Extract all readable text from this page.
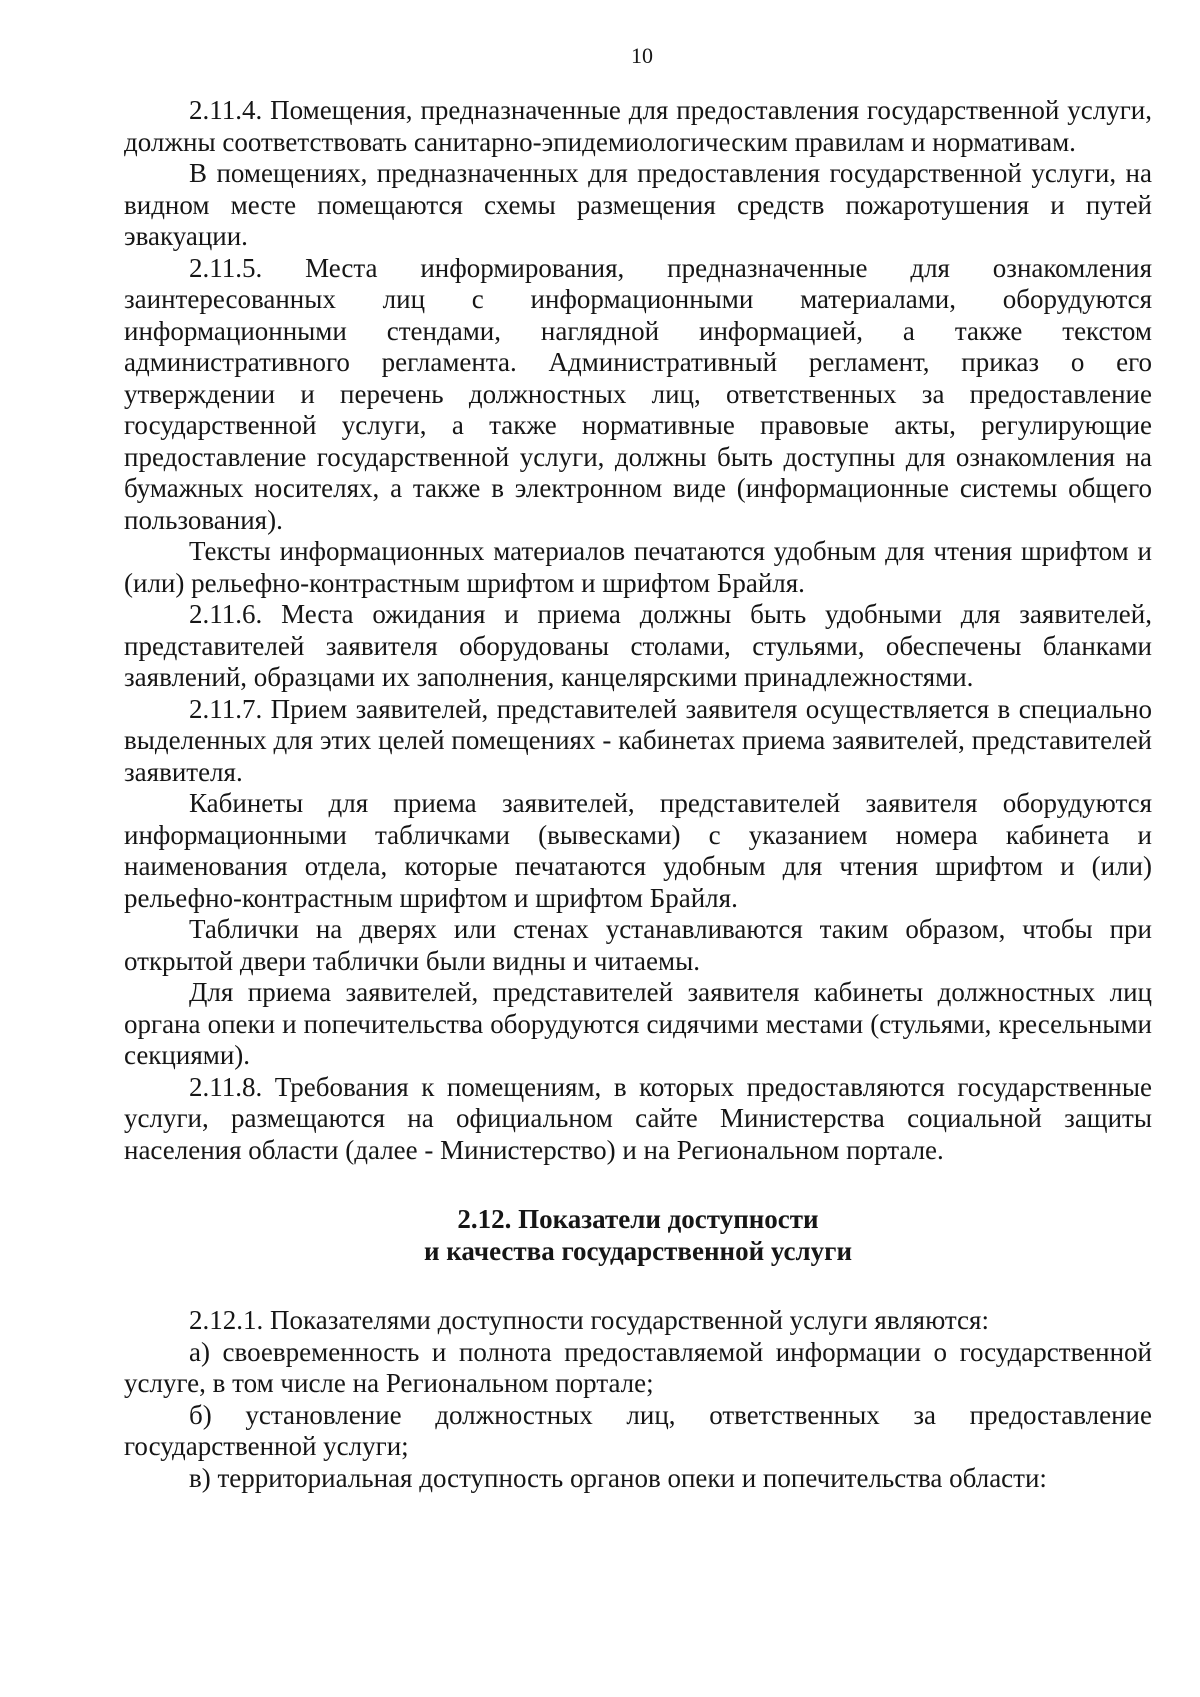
10

2.11.4. Помещения, предназначенные для предоставления государственной услуги, должны соответствовать санитарно-эпидемиологическим правилам и нормативам.

В помещениях, предназначенных для предоставления государственной услуги, на видном месте помещаются схемы размещения средств пожаротушения и путей эвакуации.

2.11.5. Места информирования, предназначенные для ознакомления заинтересованных лиц с информационными материалами, оборудуются информационными стендами, наглядной информацией, а также текстом административного регламента. Административный регламент, приказ о его утверждении и перечень должностных лиц, ответственных за предоставление государственной услуги, а также нормативные правовые акты, регулирующие предоставление государственной услуги, должны быть доступны для ознакомления на бумажных носителях, а также в электронном виде (информационные системы общего пользования).

Тексты информационных материалов печатаются удобным для чтения шрифтом и (или) рельефно-контрастным шрифтом и шрифтом Брайля.

2.11.6. Места ожидания и приема должны быть удобными для заявителей, представителей заявителя оборудованы столами, стульями, обеспечены бланками заявлений, образцами их заполнения, канцелярскими принадлежностями.

2.11.7. Прием заявителей, представителей заявителя осуществляется в специально выделенных для этих целей помещениях - кабинетах приема заявителей, представителей заявителя.

Кабинеты для приема заявителей, представителей заявителя оборудуются информационными табличками (вывесками) с указанием номера кабинета и наименования отдела, которые печатаются удобным для чтения шрифтом и (или) рельефно-контрастным шрифтом и шрифтом Брайля.

Таблички на дверях или стенах устанавливаются таким образом, чтобы при открытой двери таблички были видны и читаемы.

Для приема заявителей, представителей заявителя кабинеты должностных лиц органа опеки и попечительства оборудуются сидячими местами (стульями, кресельными секциями).

2.11.8. Требования к помещениям, в которых предоставляются государственные услуги, размещаются на официальном сайте Министерства социальной защиты населения области (далее - Министерство) и на Региональном портале.

2.12. Показатели доступности

и качества государственной услуги

2.12.1. Показателями доступности государственной услуги являются:

а) своевременность и полнота предоставляемой информации о государственной услуге, в том числе на Региональном портале;

б) установление должностных лиц, ответственных за предоставление государственной услуги;

в) территориальная доступность органов опеки и попечительства области:
